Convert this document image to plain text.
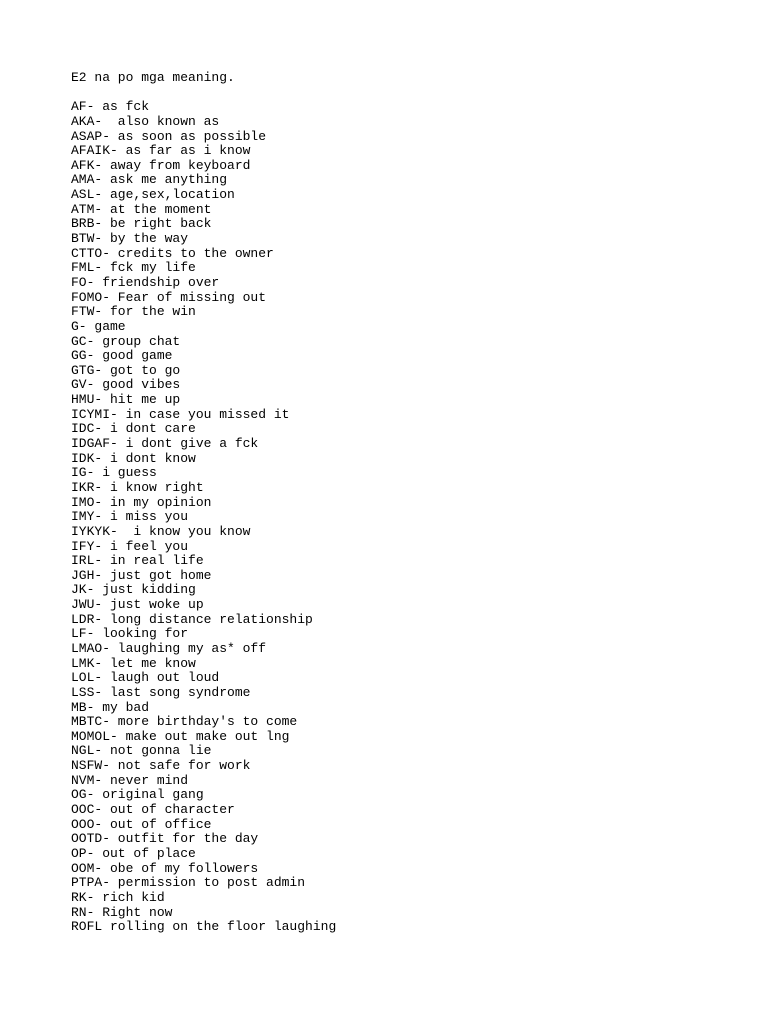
E2 na po mga meaning.
AF- as fck
AKA-  also known as
ASAP- as soon as possible
AFAIK- as far as i know
AFK- away from keyboard
AMA- ask me anything
ASL- age,sex,location
ATM- at the moment
BRB- be right back
BTW- by the way
CTTO- credits to the owner
FML- fck my life
FO- friendship over
FOMO- Fear of missing out
FTW- for the win
G- game
GC- group chat
GG- good game
GTG- got to go
GV- good vibes
HMU- hit me up
ICYMI- in case you missed it
IDC- i dont care
IDGAF- i dont give a fck
IDK- i dont know
IG- i guess
IKR- i know right
IMO- in my opinion
IMY- i miss you
IYKYK-  i know you know
IFY- i feel you
IRL- in real life
JGH- just got home
JK- just kidding
JWU- just woke up
LDR- long distance relationship
LF- looking for
LMAO- laughing my as* off
LMK- let me know
LOL- laugh out loud
LSS- last song syndrome
MB- my bad
MBTC- more birthday's to come
MOMOL- make out make out lng
NGL- not gonna lie
NSFW- not safe for work
NVM- never mind
OG- original gang
OOC- out of character
OOO- out of office
OOTD- outfit for the day
OP- out of place
OOM- obe of my followers
PTPA- permission to post admin
RK- rich kid
RN- Right now
ROFL rolling on the floor laughing
